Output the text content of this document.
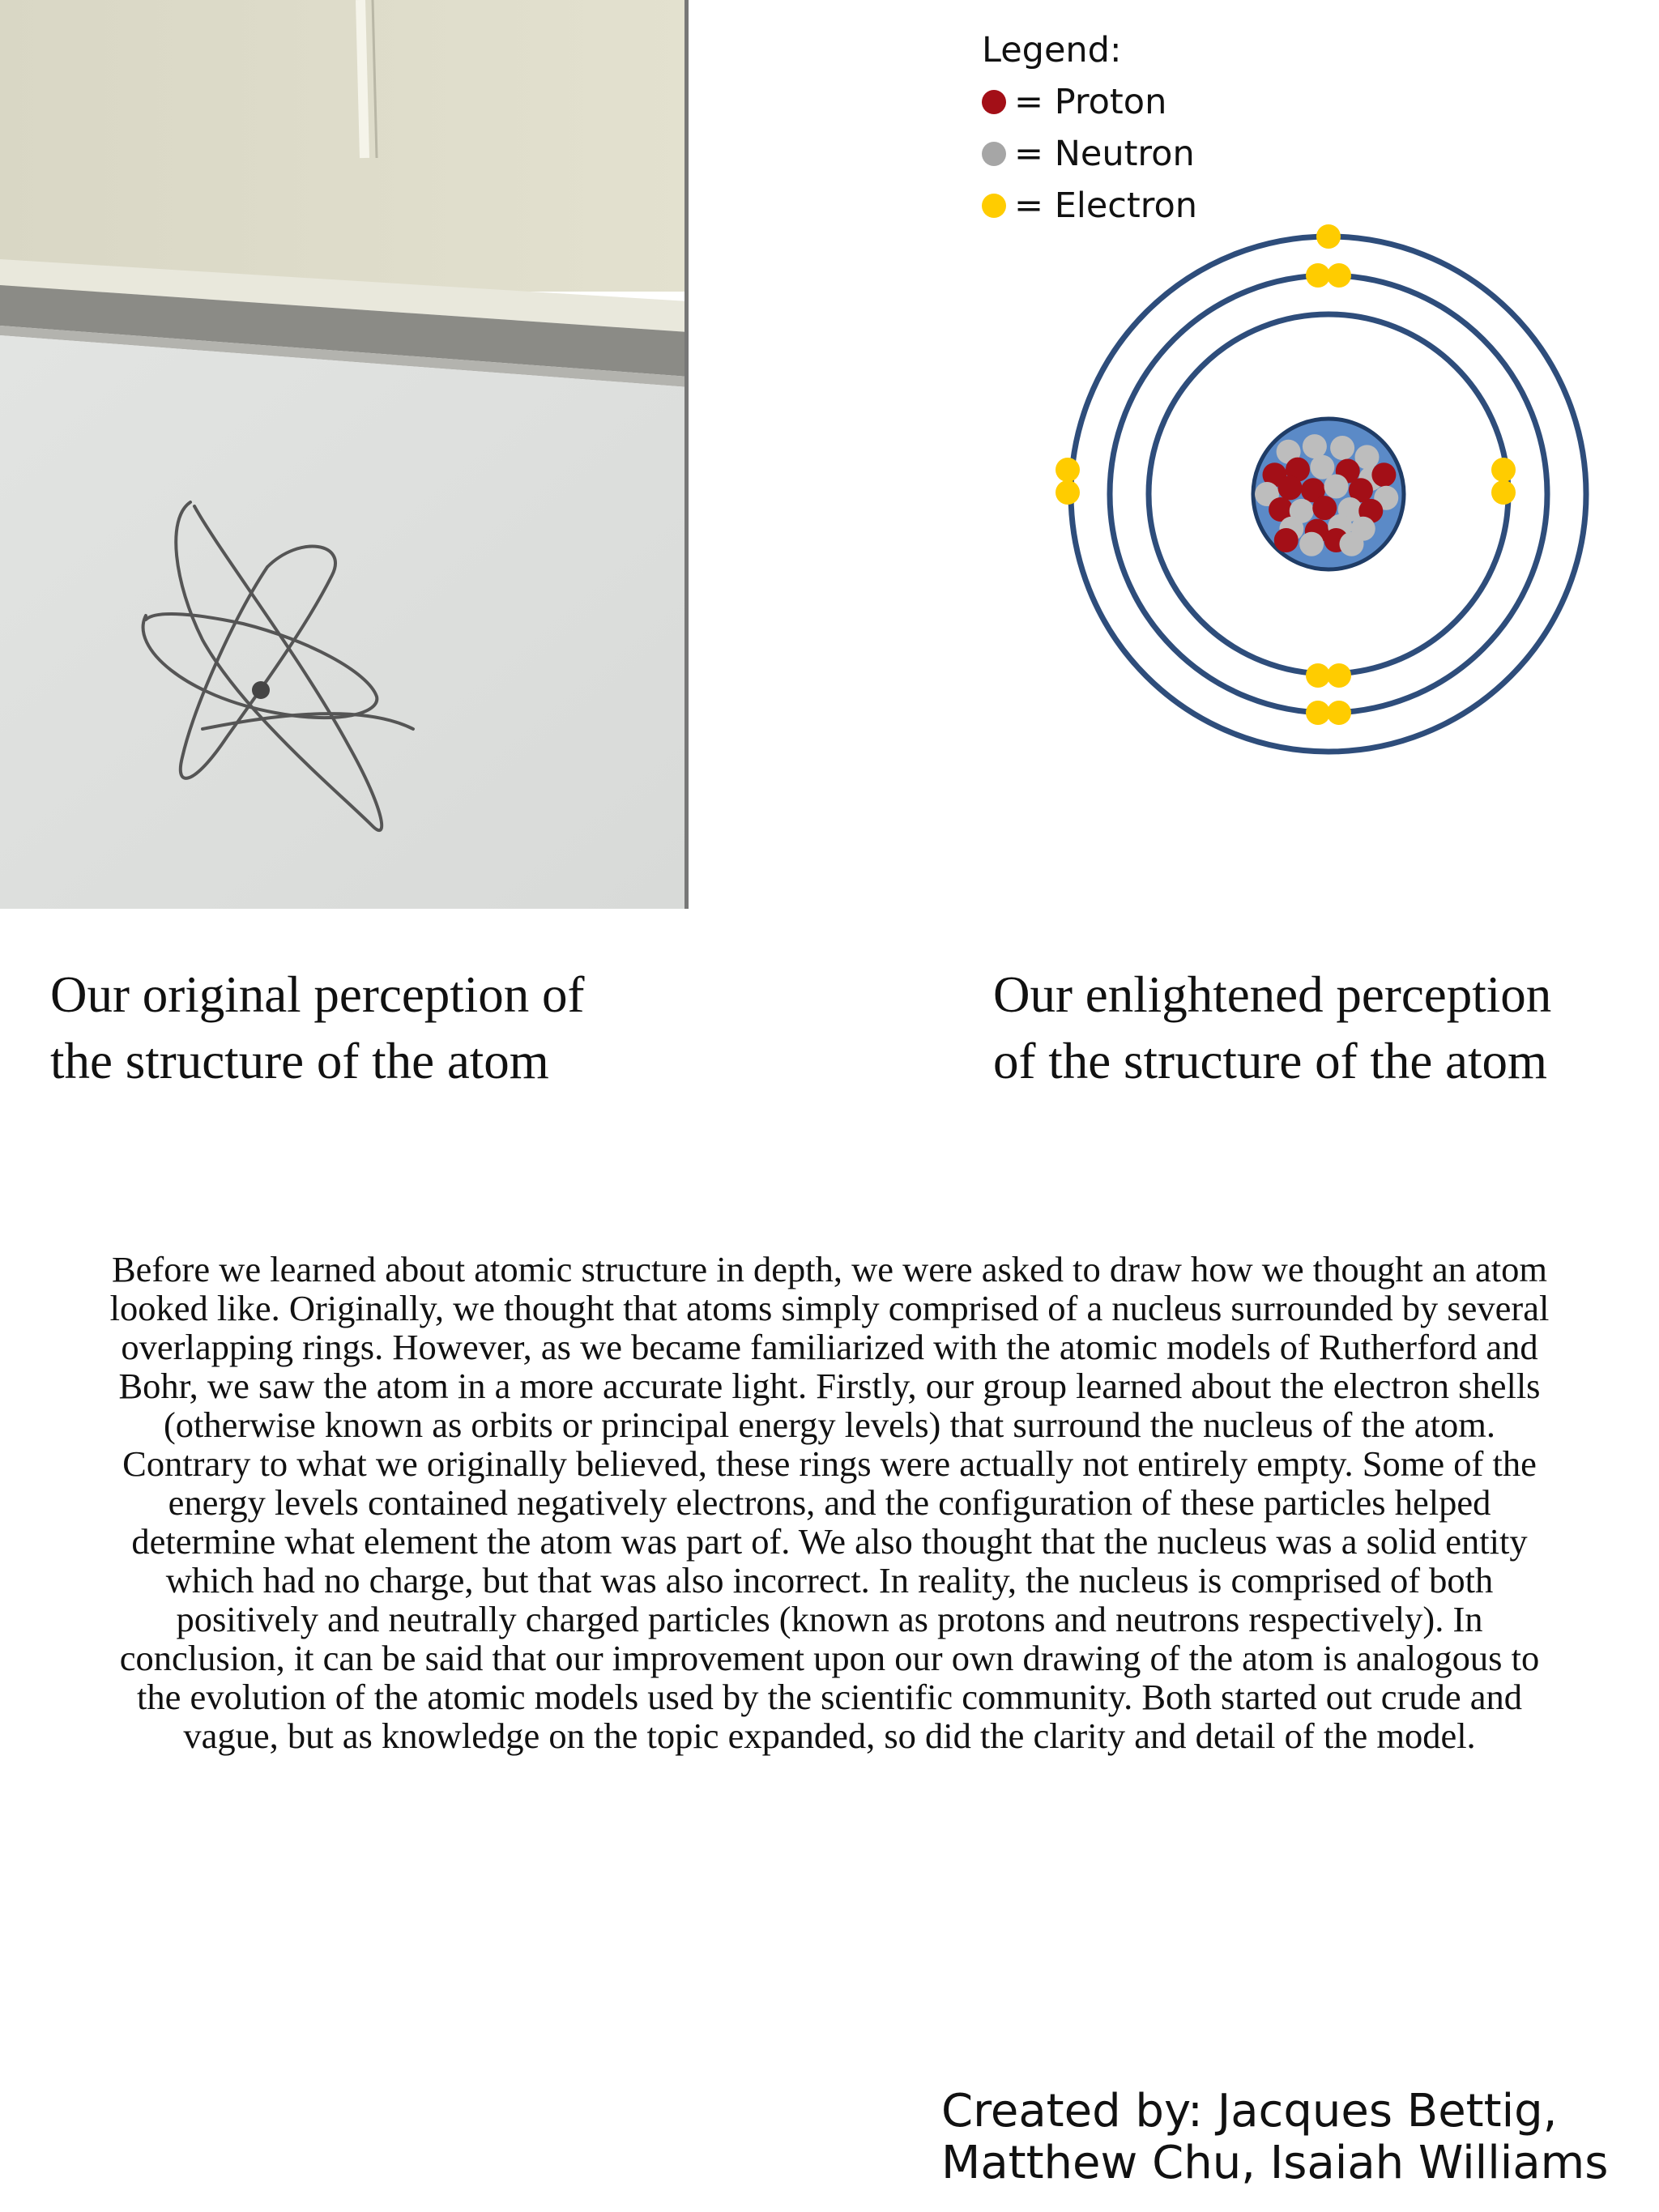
Legend:
= Proton
= Neutron
= Electron
Our original perception of
the structure of the atom
Our enlightened perception
of the structure of the atom
Before we learned about atomic structure in depth, we were asked to draw how we thought an atom
looked like. Originally, we thought that atoms simply comprised of a nucleus surrounded by several
overlapping rings. However, as we became familiarized with the atomic models of Rutherford and
Bohr, we saw the atom in a more accurate light. Firstly, our group learned about the electron shells
(otherwise known as orbits or principal energy levels) that surround the nucleus of the atom.
Contrary to what we originally believed, these rings were actually not entirely empty. Some of the
energy levels contained negatively electrons, and the configuration of these particles helped
determine what element the atom was part of. We also thought that the nucleus was a solid entity
which had no charge, but that was also incorrect. In reality, the nucleus is comprised of both
positively and neutrally charged particles (known as protons and neutrons respectively). In
conclusion, it can be said that our improvement upon our own drawing of the atom is analogous to
the evolution of the atomic models used by the scientific community. Both started out crude and
vague, but as knowledge on the topic expanded, so did the clarity and detail of the model.
Created by: Jacques Bettig,
Matthew Chu, Isaiah Williams
